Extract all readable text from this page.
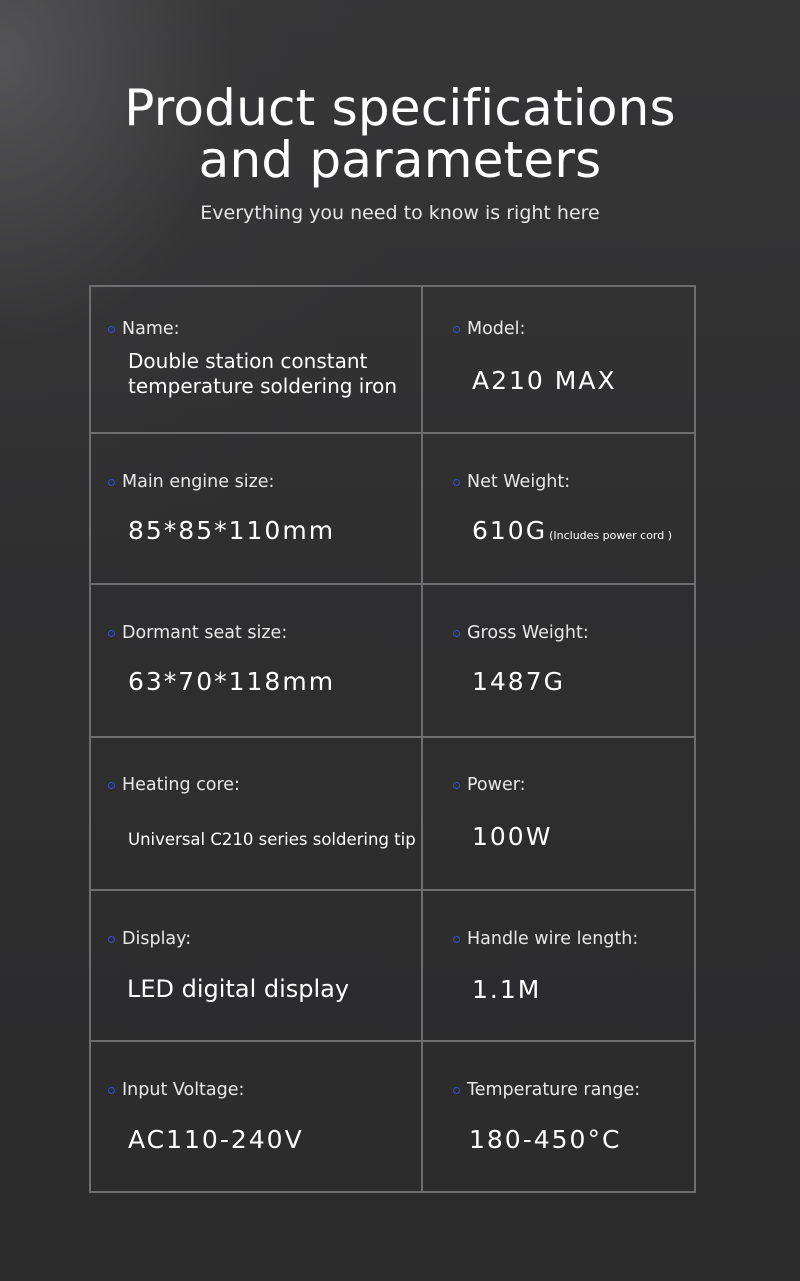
Product specifications
and parameters
Everything you need to know is right here
Name:
Double station constant
temperature soldering iron
Model:
A210 MAX
Main engine size:
85*85*110mm
Net Weight:
610G (Includes power cord )
Dormant seat size:
63*70*118mm
Gross Weight:
1487G
Heating core:
Universal C210 series soldering tip
Power:
100W
Display:
LED digital display
Handle wire length:
1.1M
Input Voltage:
AC110-240V
Temperature range:
180-450°C
